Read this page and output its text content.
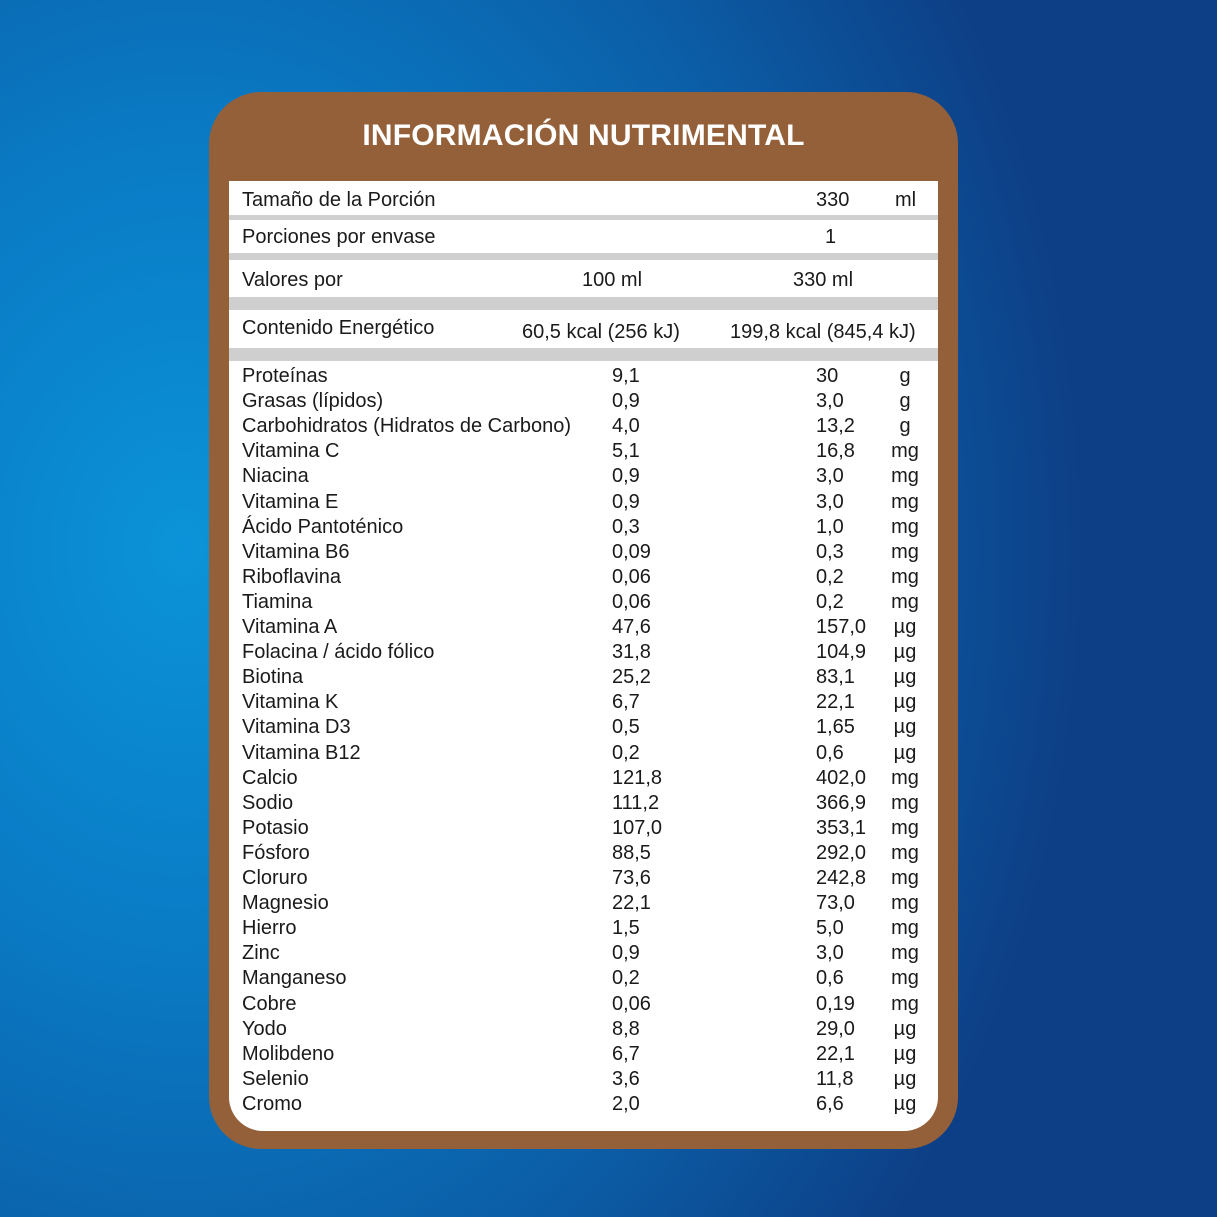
INFORMACIÓN NUTRIMENTAL
Tamaño de la Porción	330 ml
Porciones por envase	1
Valores por	100 ml	330 ml
Contenido Energético	60,5 kcal (256 kJ)	199,8 kcal (845,4 kJ)
Proteínas	9,1	30	g
Grasas (lípidos)	0,9	3,0	g
Carbohidratos (Hidratos de Carbono) 4,0	13,2	g
Vitamina C	5,1	16,8 mg
Niacina	0,9	3,0 mg
Vitamina E	0,9	3,0 mg
Ácido Pantoténico	0,3	1,0 mg
Vitamina B6	0,09	0,3 mg
Riboflavina	0,06	0,2 mg
Tiamina	0,06	0,2 mg
Vitamina A	47,6	157,0 µg
Folacina / ácido fólico	31,8	104,9 µg
Biotina	25,2	83,1 µg
Vitamina K	6,7	22,1 µg
Vitamina D3	0,5	1,65 µg
Vitamina B12	0,2	0,6 µg
Calcio	121,8	402,0 mg
Sodio	111,2	366,9 mg
Potasio	107,0	353,1 mg
Fósforo	88,5	292,0 mg
Cloruro	73,6	242,8 mg
Magnesio	22,1	73,0 mg
Hierro	1,5	5,0 mg
Zinc	0,9	3,0 mg
Manganeso	0,2	0,6 mg
Cobre	0,06	0,19 mg
Yodo	8,8	29,0 µg
Molibdeno	6,7	22,1 µg
Selenio	3,6	11,8 µg
Cromo	2,0	6,6 µg
